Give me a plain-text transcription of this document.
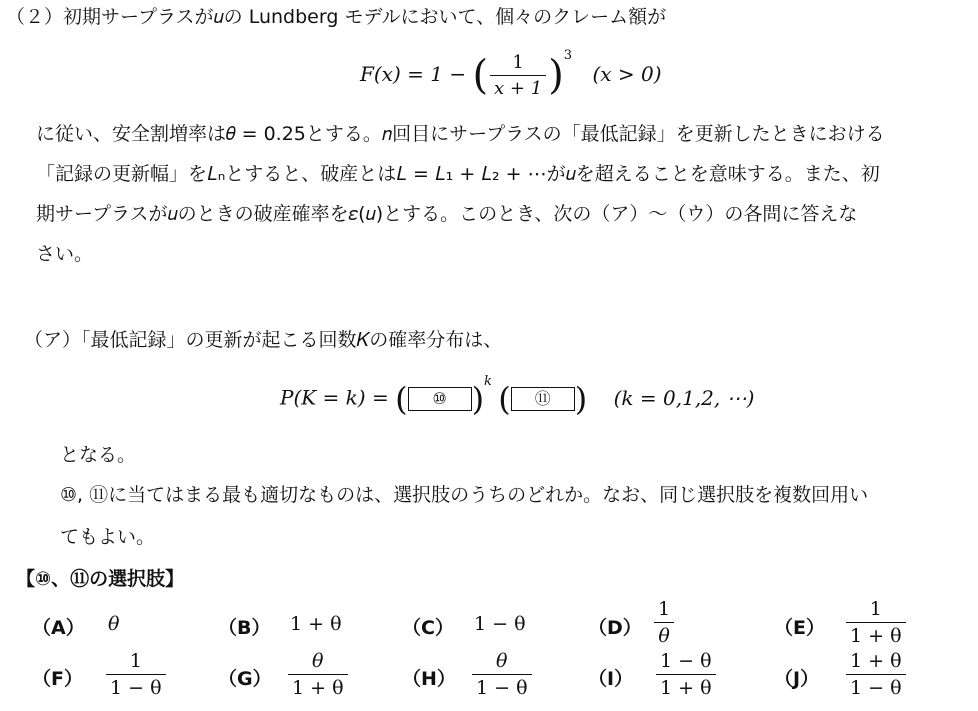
（２）初期サープラスが𝑢の Lundberg モデルにおいて、個々のクレーム額が
F(x) = 1 − ( $\frac{1}{x + 1} )^3$ (x > 0)
に従い、安全割増率は𝜃 = 0.25とする。𝑛回目にサープラスの「最低記録」を更新したときにおける
「記録の更新幅」を𝐿ₙとすると、破産とは𝐿 = 𝐿₁ + 𝐿₂ + ⋯が𝑢を超えることを意味する。また、初
期サープラスが𝑢のときの破産確率を𝜀(𝑢)とする。このとき、次の（ア）～（ウ）の各問に答えな
さい。
（ア）「最低記録」の更新が起こる回数𝐾の確率分布は、
P(K = k) = ( ⑩ )$^k$ ( ⑪ ) (k = 0,1,2, ⋯)
となる。
⑩, ⑪に当てはまる最も適切なものは、選択肢のうちのどれか。なお、同じ選択肢を複数回用い
てもよい。
【⑩、⑪の選択肢】
（A） θ	（B） 1 + θ	（C） 1 − θ	$(D) \frac{1}{\theta}$	$(E) \frac{1}{1 + \theta}$
$(F) \frac{1}{1 - \theta}$	$(G) \frac{\theta}{1 + \theta}$	$(H) \frac{\theta}{1 - \theta}$	$(I) \frac{1 - \theta}{1 + \theta}$	$(J) \frac{1 + \theta}{1 - \theta}$
